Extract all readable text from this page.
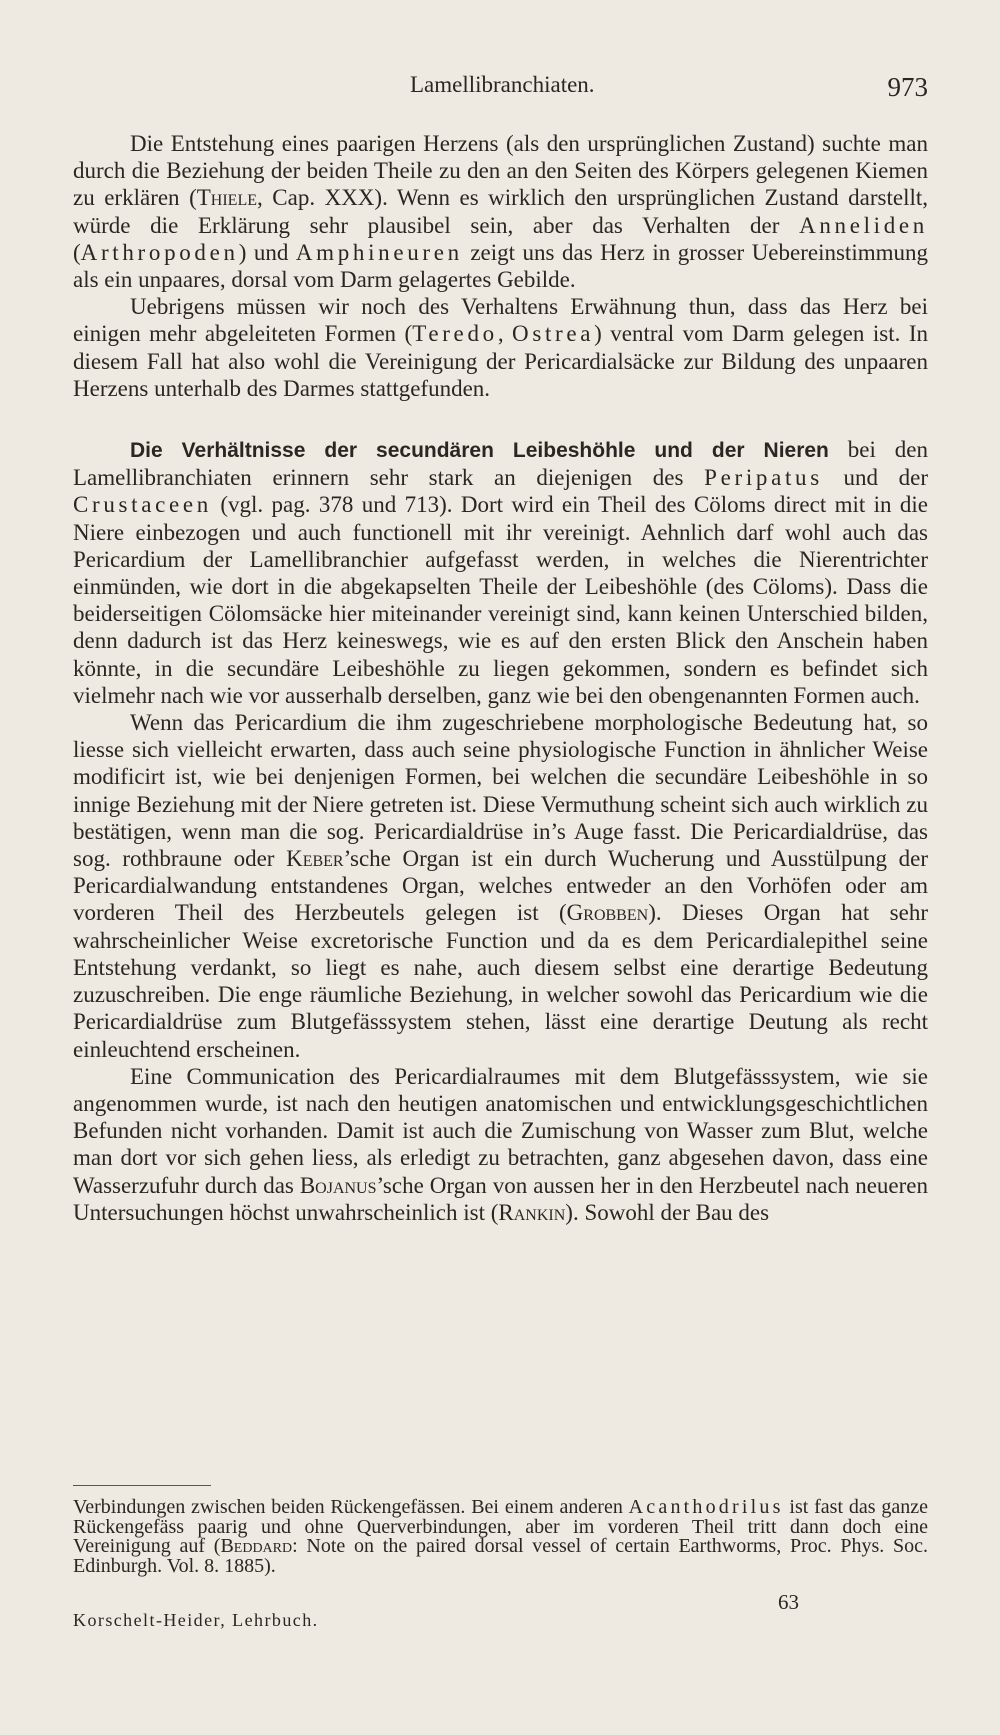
Lamellibranchiaten.	973

Die Entstehung eines paarigen Herzens (als den ursprünglichen Zustand) suchte man durch die Beziehung der beiden Theile zu den an den Seiten des Körpers gelegenen Kiemen zu erklären (Thiele, Cap. XXX). Wenn es wirklich den ursprünglichen Zustand darstellt, würde die Erklärung sehr plausibel sein, aber das Verhalten der Anneliden (Arthropoden) und Amphineuren zeigt uns das Herz in grosser Uebereinstimmung als ein unpaares, dorsal vom Darm gelagertes Gebilde.

Uebrigens müssen wir noch des Verhaltens Erwähnung thun, dass das Herz bei einigen mehr abgeleiteten Formen (Teredo, Ostrea) ventral vom Darm gelegen ist. In diesem Fall hat also wohl die Vereinigung der Pericardialsäcke zur Bildung des unpaaren Herzens unterhalb des Darmes stattgefunden.

Die Verhältnisse der secundären Leibeshöhle und der Nieren bei den Lamellibranchiaten erinnern sehr stark an diejenigen des Peripatus und der Crustaceen (vgl. pag. 378 und 713). Dort wird ein Theil des Cöloms direct mit in die Niere einbezogen und auch functionell mit ihr vereinigt. Aehnlich darf wohl auch das Pericardium der Lamellibranchier aufgefasst werden, in welches die Nierentrichter einmünden, wie dort in die abgekapselten Theile der Leibeshöhle (des Cöloms). Dass die beiderseitigen Cölomsäcke hier miteinander vereinigt sind, kann keinen Unterschied bilden, denn dadurch ist das Herz keineswegs, wie es auf den ersten Blick den Anschein haben könnte, in die secundäre Leibeshöhle zu liegen gekommen, sondern es befindet sich vielmehr nach wie vor ausserhalb derselben, ganz wie bei den obengenannten Formen auch.

Wenn das Pericardium die ihm zugeschriebene morphologische Bedeutung hat, so liesse sich vielleicht erwarten, dass auch seine physiologische Function in ähnlicher Weise modificirt ist, wie bei denjenigen Formen, bei welchen die secundäre Leibeshöhle in so innige Beziehung mit der Niere getreten ist. Diese Vermuthung scheint sich auch wirklich zu bestätigen, wenn man die sog. Pericardialdrüse in’s Auge fasst. Die Pericardialdrüse, das sog. rothbraune oder Keber’sche Organ ist ein durch Wucherung und Ausstülpung der Pericardialwandung entstandenes Organ, welches entweder an den Vorhöfen oder am vorderen Theil des Herzbeutels gelegen ist (Grobben). Dieses Organ hat sehr wahrscheinlicher Weise excretorische Function und da es dem Pericardialepithel seine Entstehung verdankt, so liegt es nahe, auch diesem selbst eine derartige Bedeutung zuzuschreiben. Die enge räumliche Beziehung, in welcher sowohl das Pericardium wie die Pericardialdrüse zum Blutgefässsystem stehen, lässt eine derartige Deutung als recht einleuchtend erscheinen.

Eine Communication des Pericardialraumes mit dem Blutgefässsystem, wie sie angenommen wurde, ist nach den heutigen anatomischen und entwicklungsgeschichtlichen Befunden nicht vorhanden. Damit ist auch die Zumischung von Wasser zum Blut, welche man dort vor sich gehen liess, als erledigt zu betrachten, ganz abgesehen davon, dass eine Wasserzufuhr durch das Bojanus’sche Organ von aussen her in den Herzbeutel nach neueren Untersuchungen höchst unwahrscheinlich ist (Rankin). Sowohl der Bau des

Verbindungen zwischen beiden Rückengefässen. Bei einem anderen Acanthodrilus ist fast das ganze Rückengefäss paarig und ohne Querverbindungen, aber im vorderen Theil tritt dann doch eine Vereinigung auf (Beddard: Note on the paired dorsal vessel of certain Earthworms, Proc. Phys. Soc. Edinburgh. Vol. 8. 1885).
Korschelt-Heider, Lehrbuch.
63
